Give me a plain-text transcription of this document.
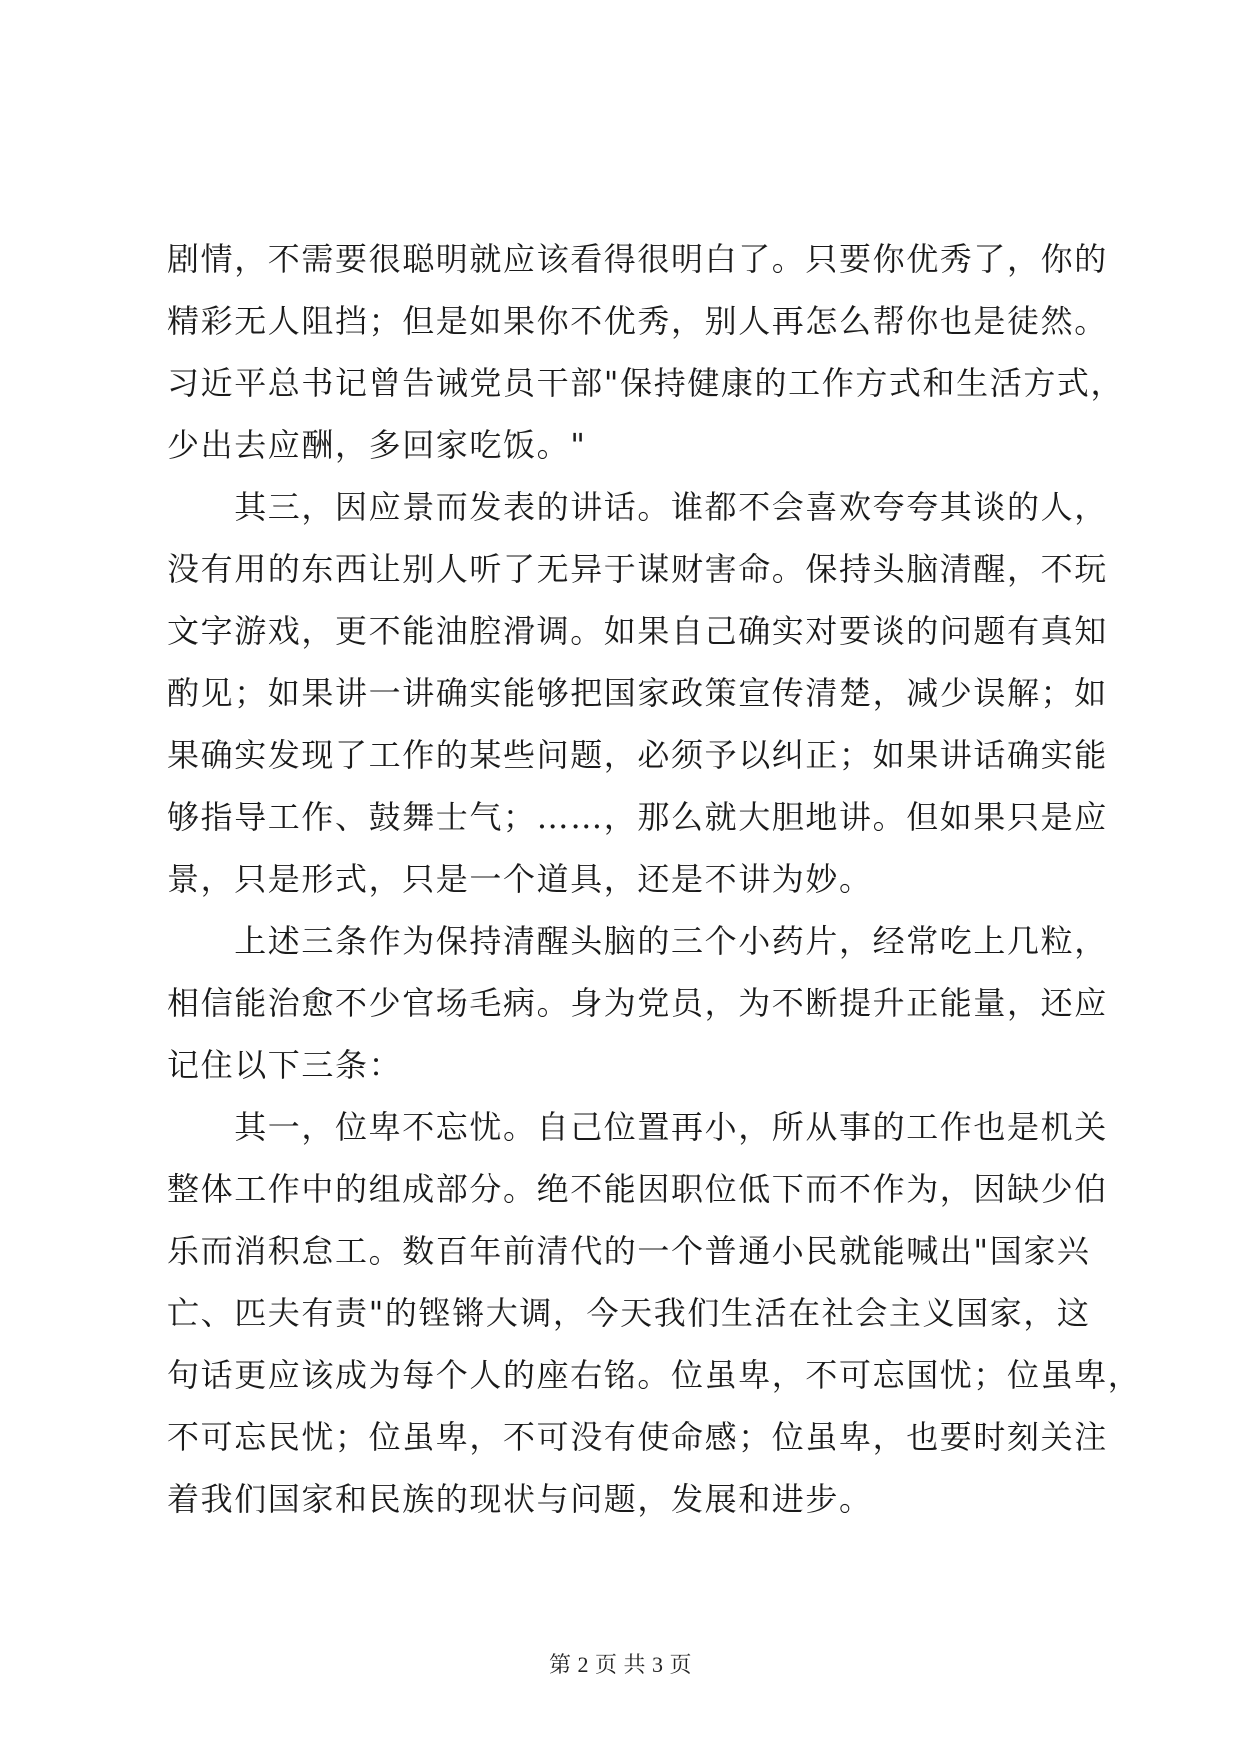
剧情，不需要很聪明就应该看得很明白了。只要你优秀了，你的
精彩无人阻挡；但是如果你不优秀，别人再怎么帮你也是徒然。
习近平总书记曾告诫党员干部"保持健康的工作方式和生活方式，
少出去应酬，多回家吃饭。"
　　其三，因应景而发表的讲话。谁都不会喜欢夸夸其谈的人，
没有用的东西让别人听了无异于谋财害命。保持头脑清醒，不玩
文字游戏，更不能油腔滑调。如果自己确实对要谈的问题有真知
酌见；如果讲一讲确实能够把国家政策宣传清楚，减少误解；如
果确实发现了工作的某些问题，必须予以纠正；如果讲话确实能
够指导工作、鼓舞士气；……，那么就大胆地讲。但如果只是应
景，只是形式，只是一个道具，还是不讲为妙。
　　上述三条作为保持清醒头脑的三个小药片，经常吃上几粒，
相信能治愈不少官场毛病。身为党员，为不断提升正能量，还应
记住以下三条：
　　其一，位卑不忘忧。自己位置再小，所从事的工作也是机关
整体工作中的组成部分。绝不能因职位低下而不作为，因缺少伯
乐而消积怠工。数百年前清代的一个普通小民就能喊出"国家兴
亡、匹夫有责"的铿锵大调，今天我们生活在社会主义国家，这
句话更应该成为每个人的座右铭。位虽卑，不可忘国忧；位虽卑，
不可忘民忧；位虽卑，不可没有使命感；位虽卑，也要时刻关注
着我们国家和民族的现状与问题，发展和进步。
第 2 页 共 3 页
